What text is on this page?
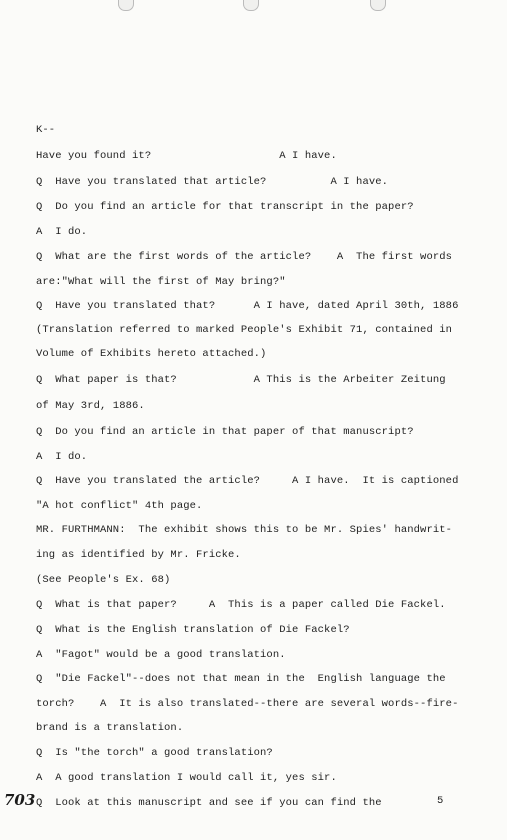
K--
Have you found it?                    A I have.
Q  Have you translated that article?          A I have.
Q  Do you find an article for that transcript in the paper?
A  I do.
Q  What are the first words of the article?    A  The first words
are:"What will the first of May bring?"
Q  Have you translated that?      A I have, dated April 30th, 1886
(Translation referred to marked People's Exhibit 71, contained in
Volume of Exhibits hereto attached.)
Q  What paper is that?            A This is the Arbeiter Zeitung
of May 3rd, 1886.
Q  Do you find an article in that paper of that manuscript?
A  I do.
Q  Have you translated the article?     A I have.  It is captioned
"A hot conflict" 4th page.
MR. FURTHMANN:  The exhibit shows this to be Mr. Spies' handwrit-
ing as identified by Mr. Fricke.
(See People's Ex. 68)
Q  What is that paper?     A  This is a paper called Die Fackel.
Q  What is the English translation of Die Fackel?
A  "Fagot" would be a good translation.
Q  "Die Fackel"--does not that mean in the  English language the
torch?    A  It is also translated--there are several words--fire-
brand is a translation.
Q  Is "the torch" a good translation?
A  A good translation I would call it, yes sir.
Q  Look at this manuscript and see if you can find the
703	5
